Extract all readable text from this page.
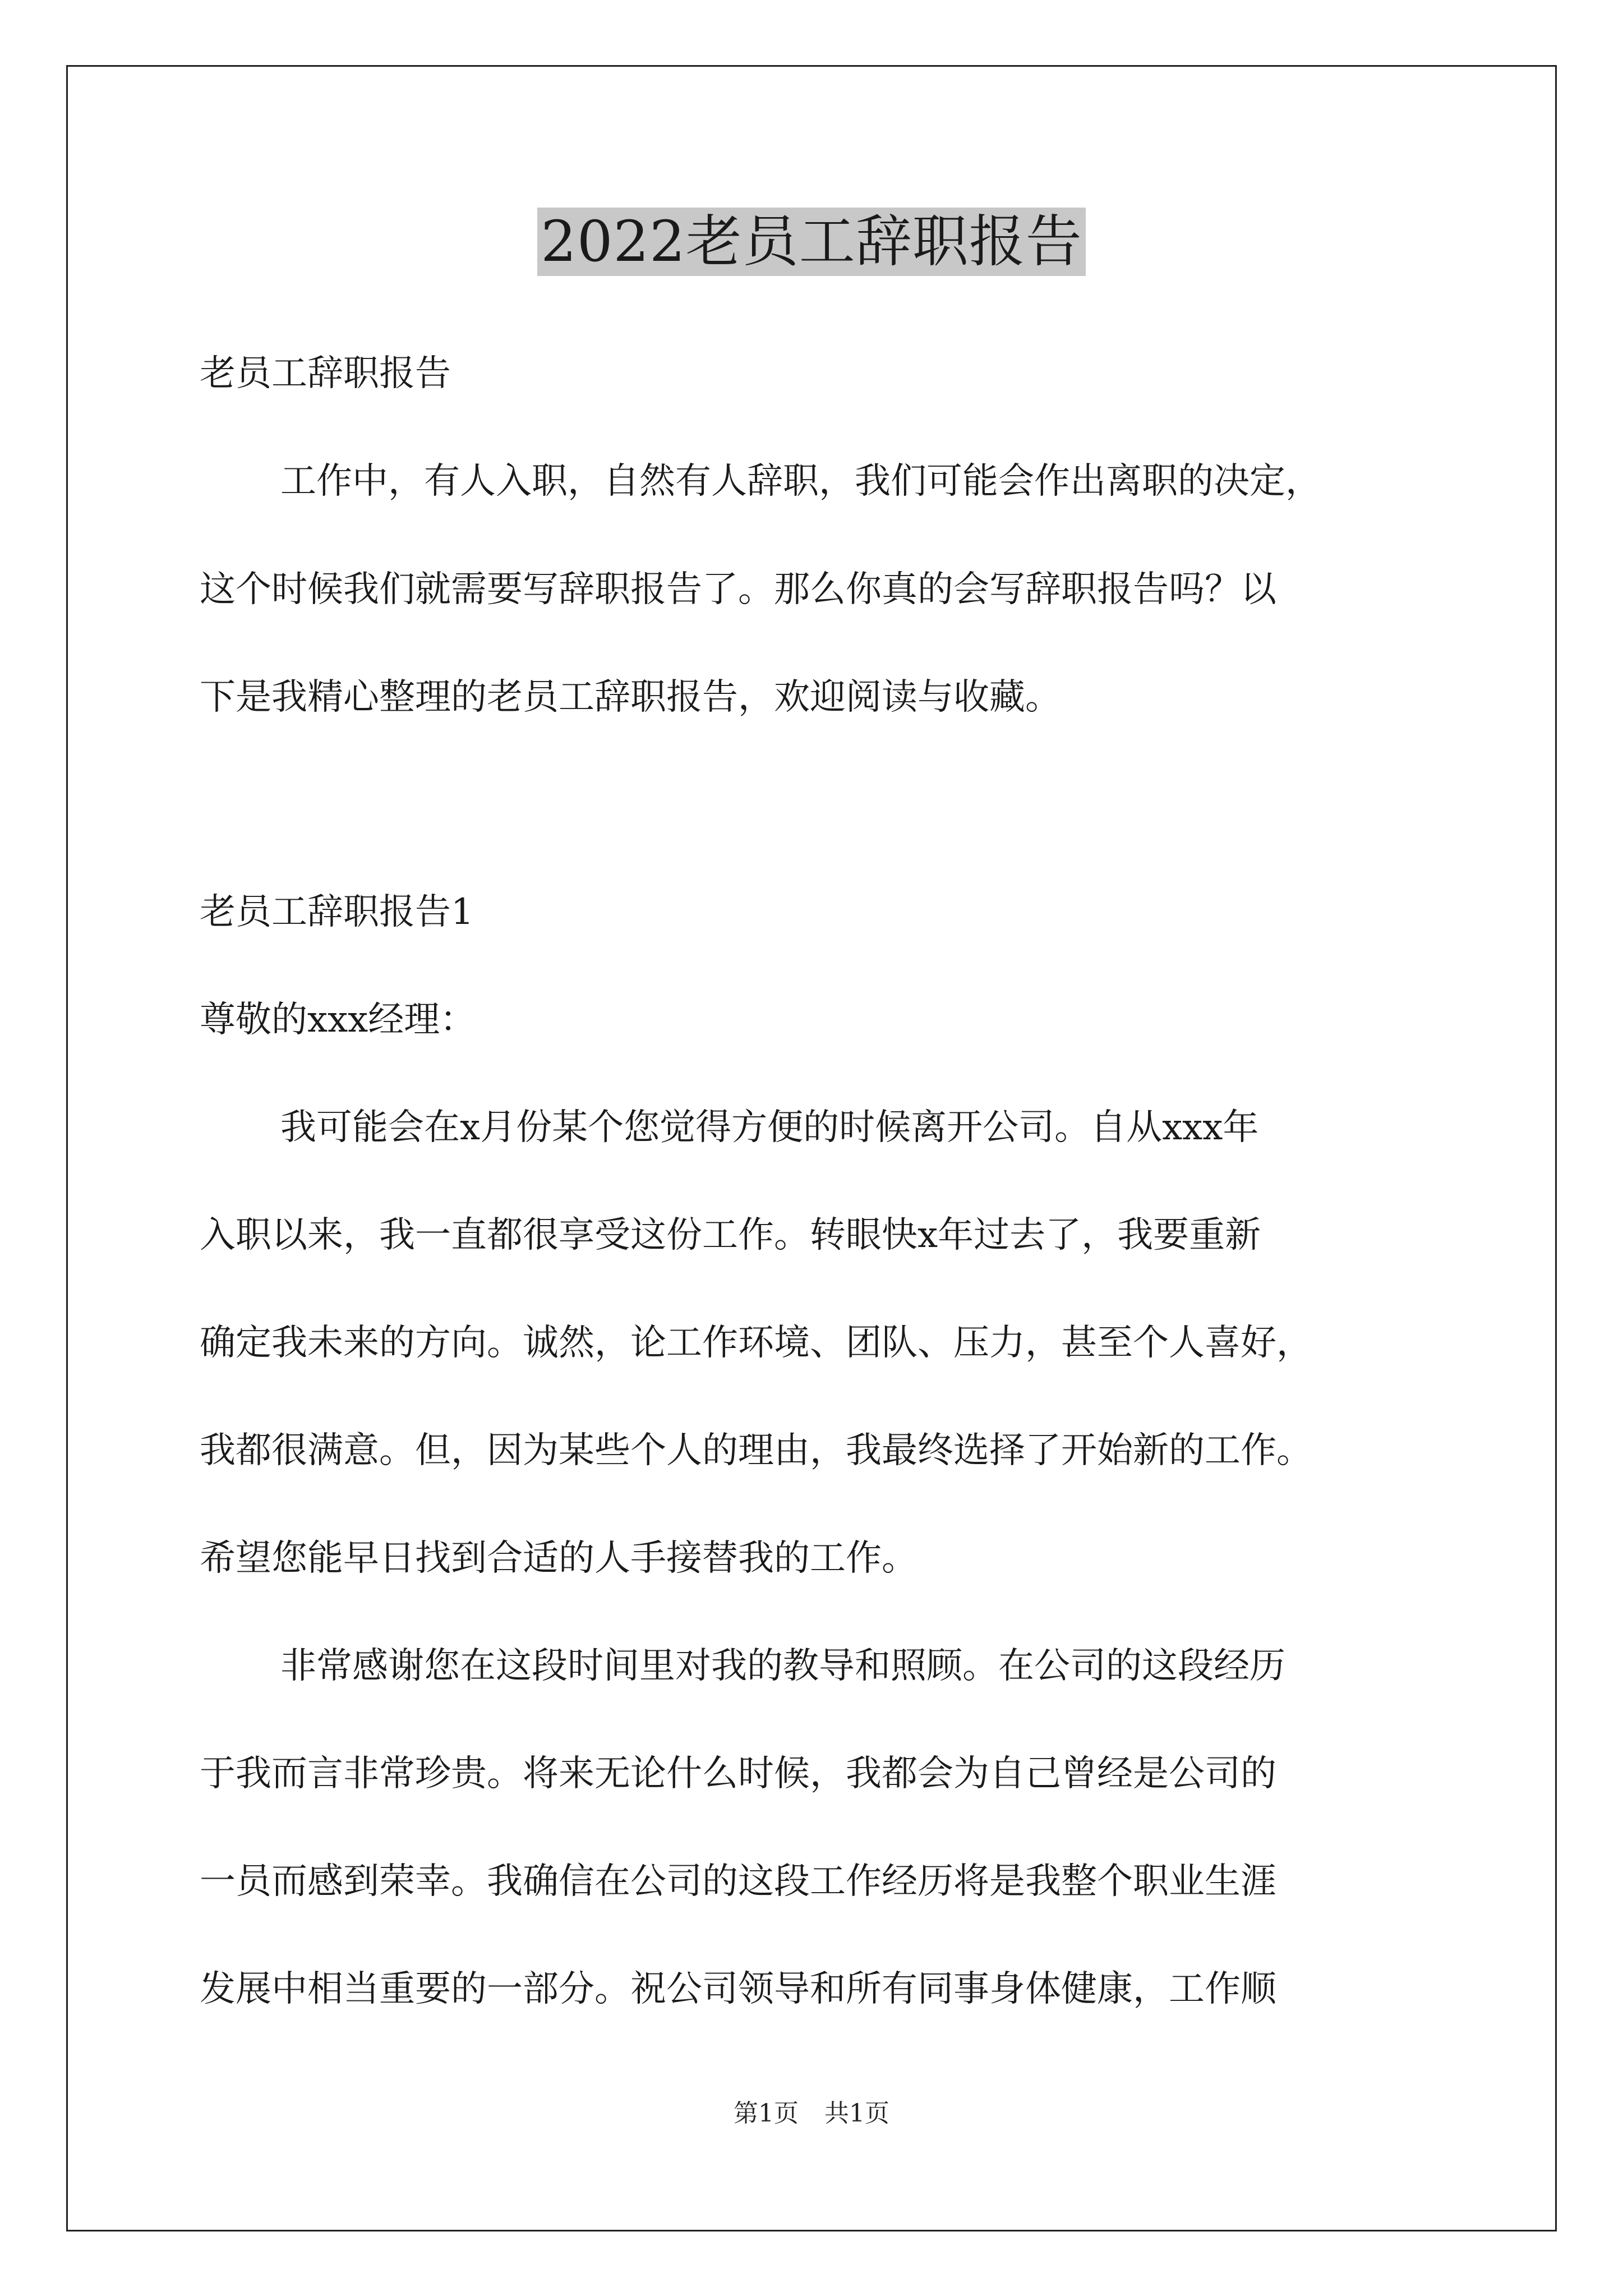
2022老员工辞职报告
老员工辞职报告
工作中，有人入职，自然有人辞职，我们可能会作出离职的决定，
这个时候我们就需要写辞职报告了。那么你真的会写辞职报告吗？以
下是我精心整理的老员工辞职报告，欢迎阅读与收藏。
老员工辞职报告1
尊敬的xxx经理：
我可能会在x月份某个您觉得方便的时候离开公司。自从xxx年
入职以来，我一直都很享受这份工作。转眼快x年过去了，我要重新
确定我未来的方向。诚然，论工作环境、团队、压力，甚至个人喜好，
我都很满意。但，因为某些个人的理由，我最终选择了开始新的工作。
希望您能早日找到合适的人手接替我的工作。
非常感谢您在这段时间里对我的教导和照顾。在公司的这段经历
于我而言非常珍贵。将来无论什么时候，我都会为自己曾经是公司的
一员而感到荣幸。我确信在公司的这段工作经历将是我整个职业生涯
发展中相当重要的一部分。祝公司领导和所有同事身体健康，工作顺
第1页 共1页
